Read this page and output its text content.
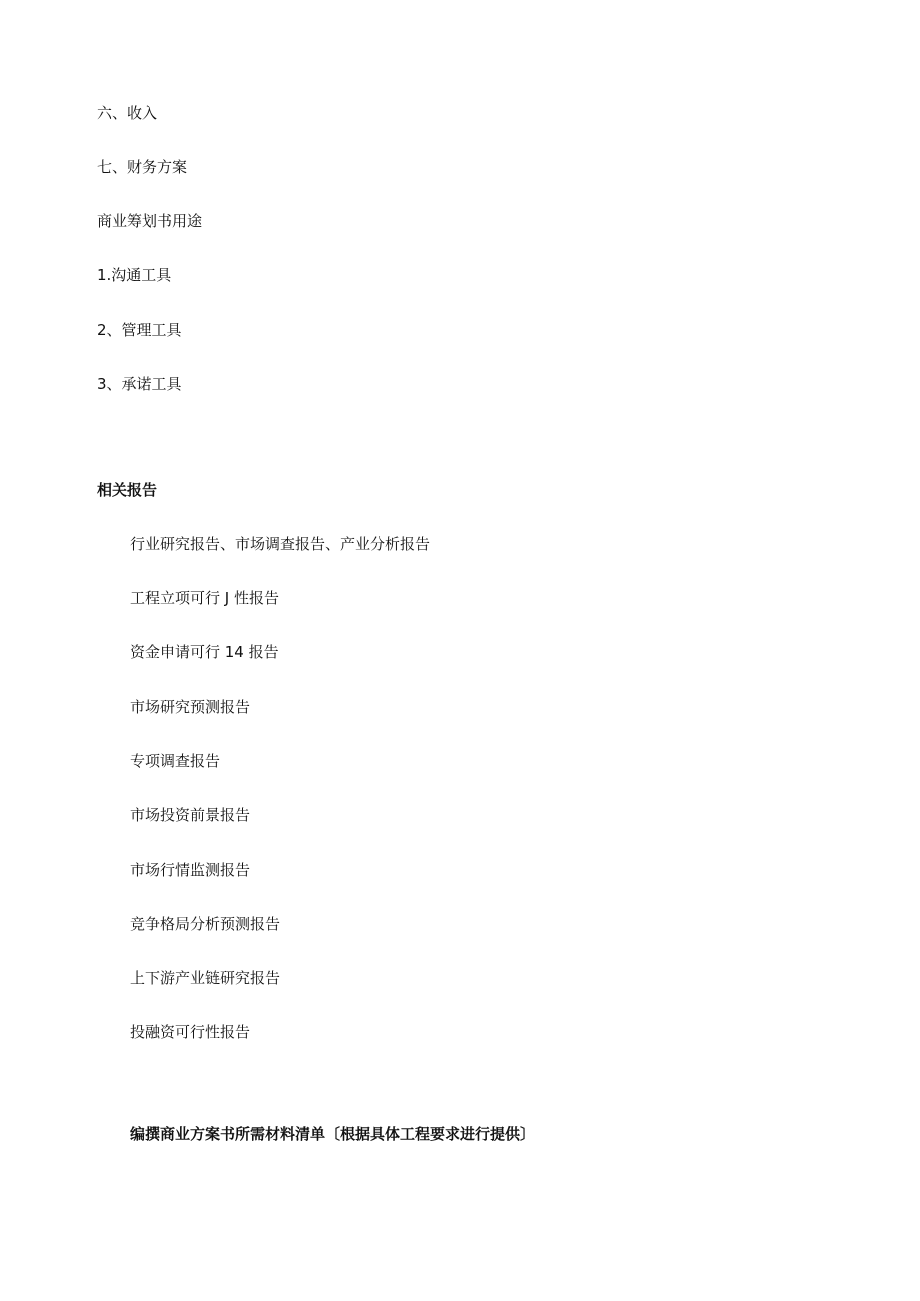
六、收入

七、财务方案

商业筹划书用途

1.沟通工具

2、管理工具

3、承诺工具

相关报告

行业研究报告、市场调查报告、产业分析报告

工程立项可行 J 性报告

资金申请可行 14 报告

市场研究预测报告

专项调查报告

市场投资前景报告

市场行情监测报告

竞争格局分析预测报告

上下游产业链研究报告

投融资可行性报告

编撰商业方案书所需材料清单〔根据具体工程要求进行提供〕
